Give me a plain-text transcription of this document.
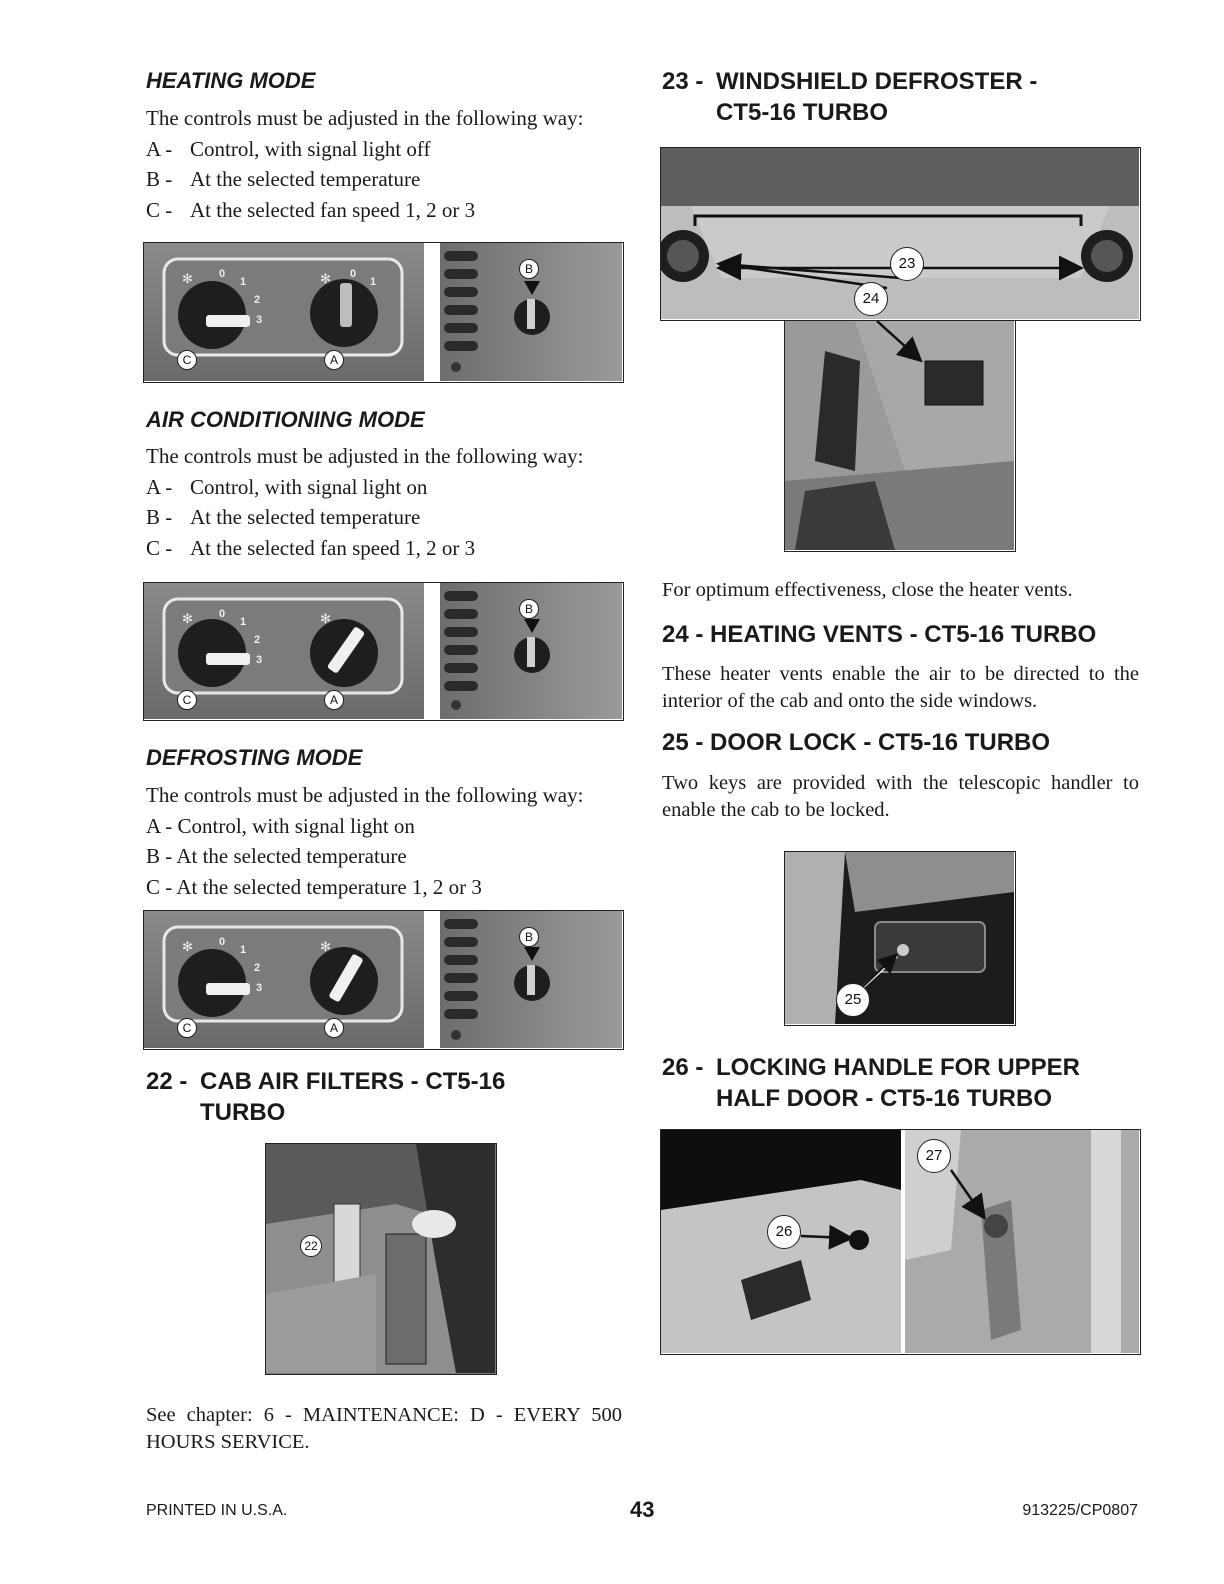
HEATING MODE
The controls must be adjusted in the following way:
A - Control, with signal light off
B - At the selected temperature
C - At the selected fan speed 1, 2 or 3
✻ 0
1
2
3
✻ 0
1
C	A
B
AIR CONDITIONING MODE
The controls must be adjusted in the following way:
A - Control, with signal light on
B - At the selected temperature
C - At the selected fan speed 1, 2 or 3
✻ 0
1
2
3
✻
C	A
B
DEFROSTING MODE
The controls must be adjusted in the following way:
A - Control, with signal light on
B - At the selected temperature
C - At the selected temperature 1, 2 or 3
✻ 0
1
2
3
✻
C	A
B
22 - CAB AIR FILTERS - CT5-16
TURBO
22
See chapter: 6 - MAINTENANCE: D - EVERY 500 HOURS SERVICE.
23 - WINDSHIELD DEFROSTER -
CT5-16 TURBO
23
24
For optimum effectiveness, close the heater vents.
24 - HEATING VENTS - CT5-16 TURBO
These heater vents enable the air to be directed to the interior of the cab and onto the side windows.
25 - DOOR LOCK - CT5-16 TURBO
Two keys are provided with the telescopic handler to enable the cab to be locked.
25
26 - LOCKING HANDLE FOR UPPER
HALF DOOR - CT5-16 TURBO
26
27
PRINTED IN U.S.A.	43	913225/CP0807
